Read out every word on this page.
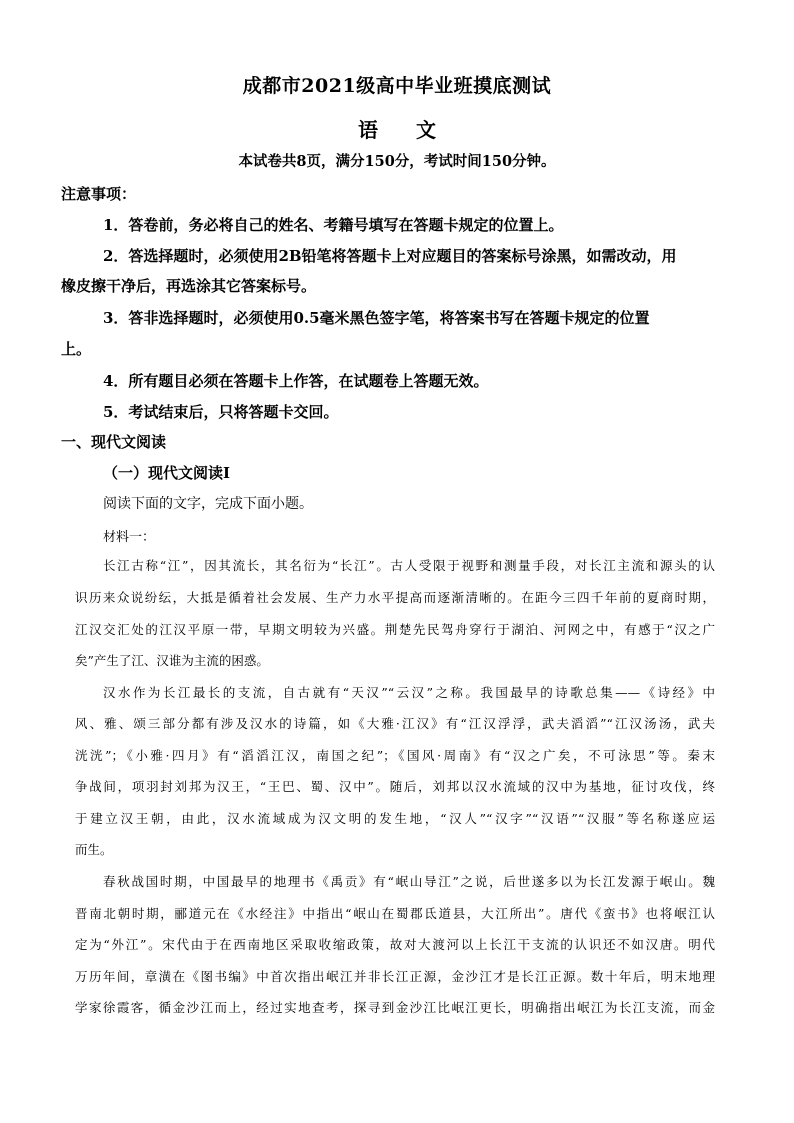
成都市2021级高中毕业班摸底测试
语文
本试卷共8页，满分150分，考试时间150分钟。
注意事项：
1．答卷前，务必将自己的姓名、考籍号填写在答题卡规定的位置上。
2．答选择题时，必须使用2B铅笔将答题卡上对应题目的答案标号涂黑，如需改动，用
橡皮擦干净后，再选涂其它答案标号。
3．答非选择题时，必须使用0.5毫米黑色签字笔，将答案书写在答题卡规定的位置
上。
4．所有题目必须在答题卡上作答，在试题卷上答题无效。
5．考试结束后，只将答题卡交回。
一、现代文阅读
（一）现代文阅读Ⅰ
阅读下面的文字，完成下面小题。
材料一：
长江古称“江”，因其流长，其名衍为“长江”。古人受限于视野和测量手段，对长江主流和源头的认
识历来众说纷纭，大抵是循着社会发展、生产力水平提高而逐渐清晰的。在距今三四千年前的夏商时期，
江汉交汇处的江汉平原一带，早期文明较为兴盛。荆楚先民驾舟穿行于湖泊、河网之中，有感于“汉之广
矣”产生了江、汉谁为主流的困惑。
汉水作为长江最长的支流，自古就有“天汉”“云汉”之称。我国最早的诗歌总集——《诗经》中
风、雅、颂三部分都有涉及汉水的诗篇，如《大雅·江汉》有“江汉浮浮，武夫滔滔”“江汉汤汤，武夫
洸洸”；《小雅·四月》有“滔滔江汉，南国之纪”；《国风·周南》有“汉之广矣，不可泳思”等。秦末
争战间，项羽封刘邦为汉王，“王巴、蜀、汉中”。随后，刘邦以汉水流域的汉中为基地，征讨攻伐，终
于建立汉王朝，由此，汉水流域成为汉文明的发生地，“汉人”“汉字”“汉语”“汉服”等名称遂应运
而生。
春秋战国时期，中国最早的地理书《禹贡》有“岷山导江”之说，后世遂多以为长江发源于岷山。魏
晋南北朝时期，郦道元在《水经注》中指出“岷山在蜀郡氐道县，大江所出”。唐代《蛮书》也将岷江认
定为“外江”。宋代由于在西南地区采取收缩政策，故对大渡河以上长江干支流的认识还不如汉唐。明代
万历年间，章潢在《图书编》中首次指出岷江并非长江正源，金沙江才是长江正源。数十年后，明末地理
学家徐霞客，循金沙江而上，经过实地查考，探寻到金沙江比岷江更长，明确指出岷江为长江支流，而金
